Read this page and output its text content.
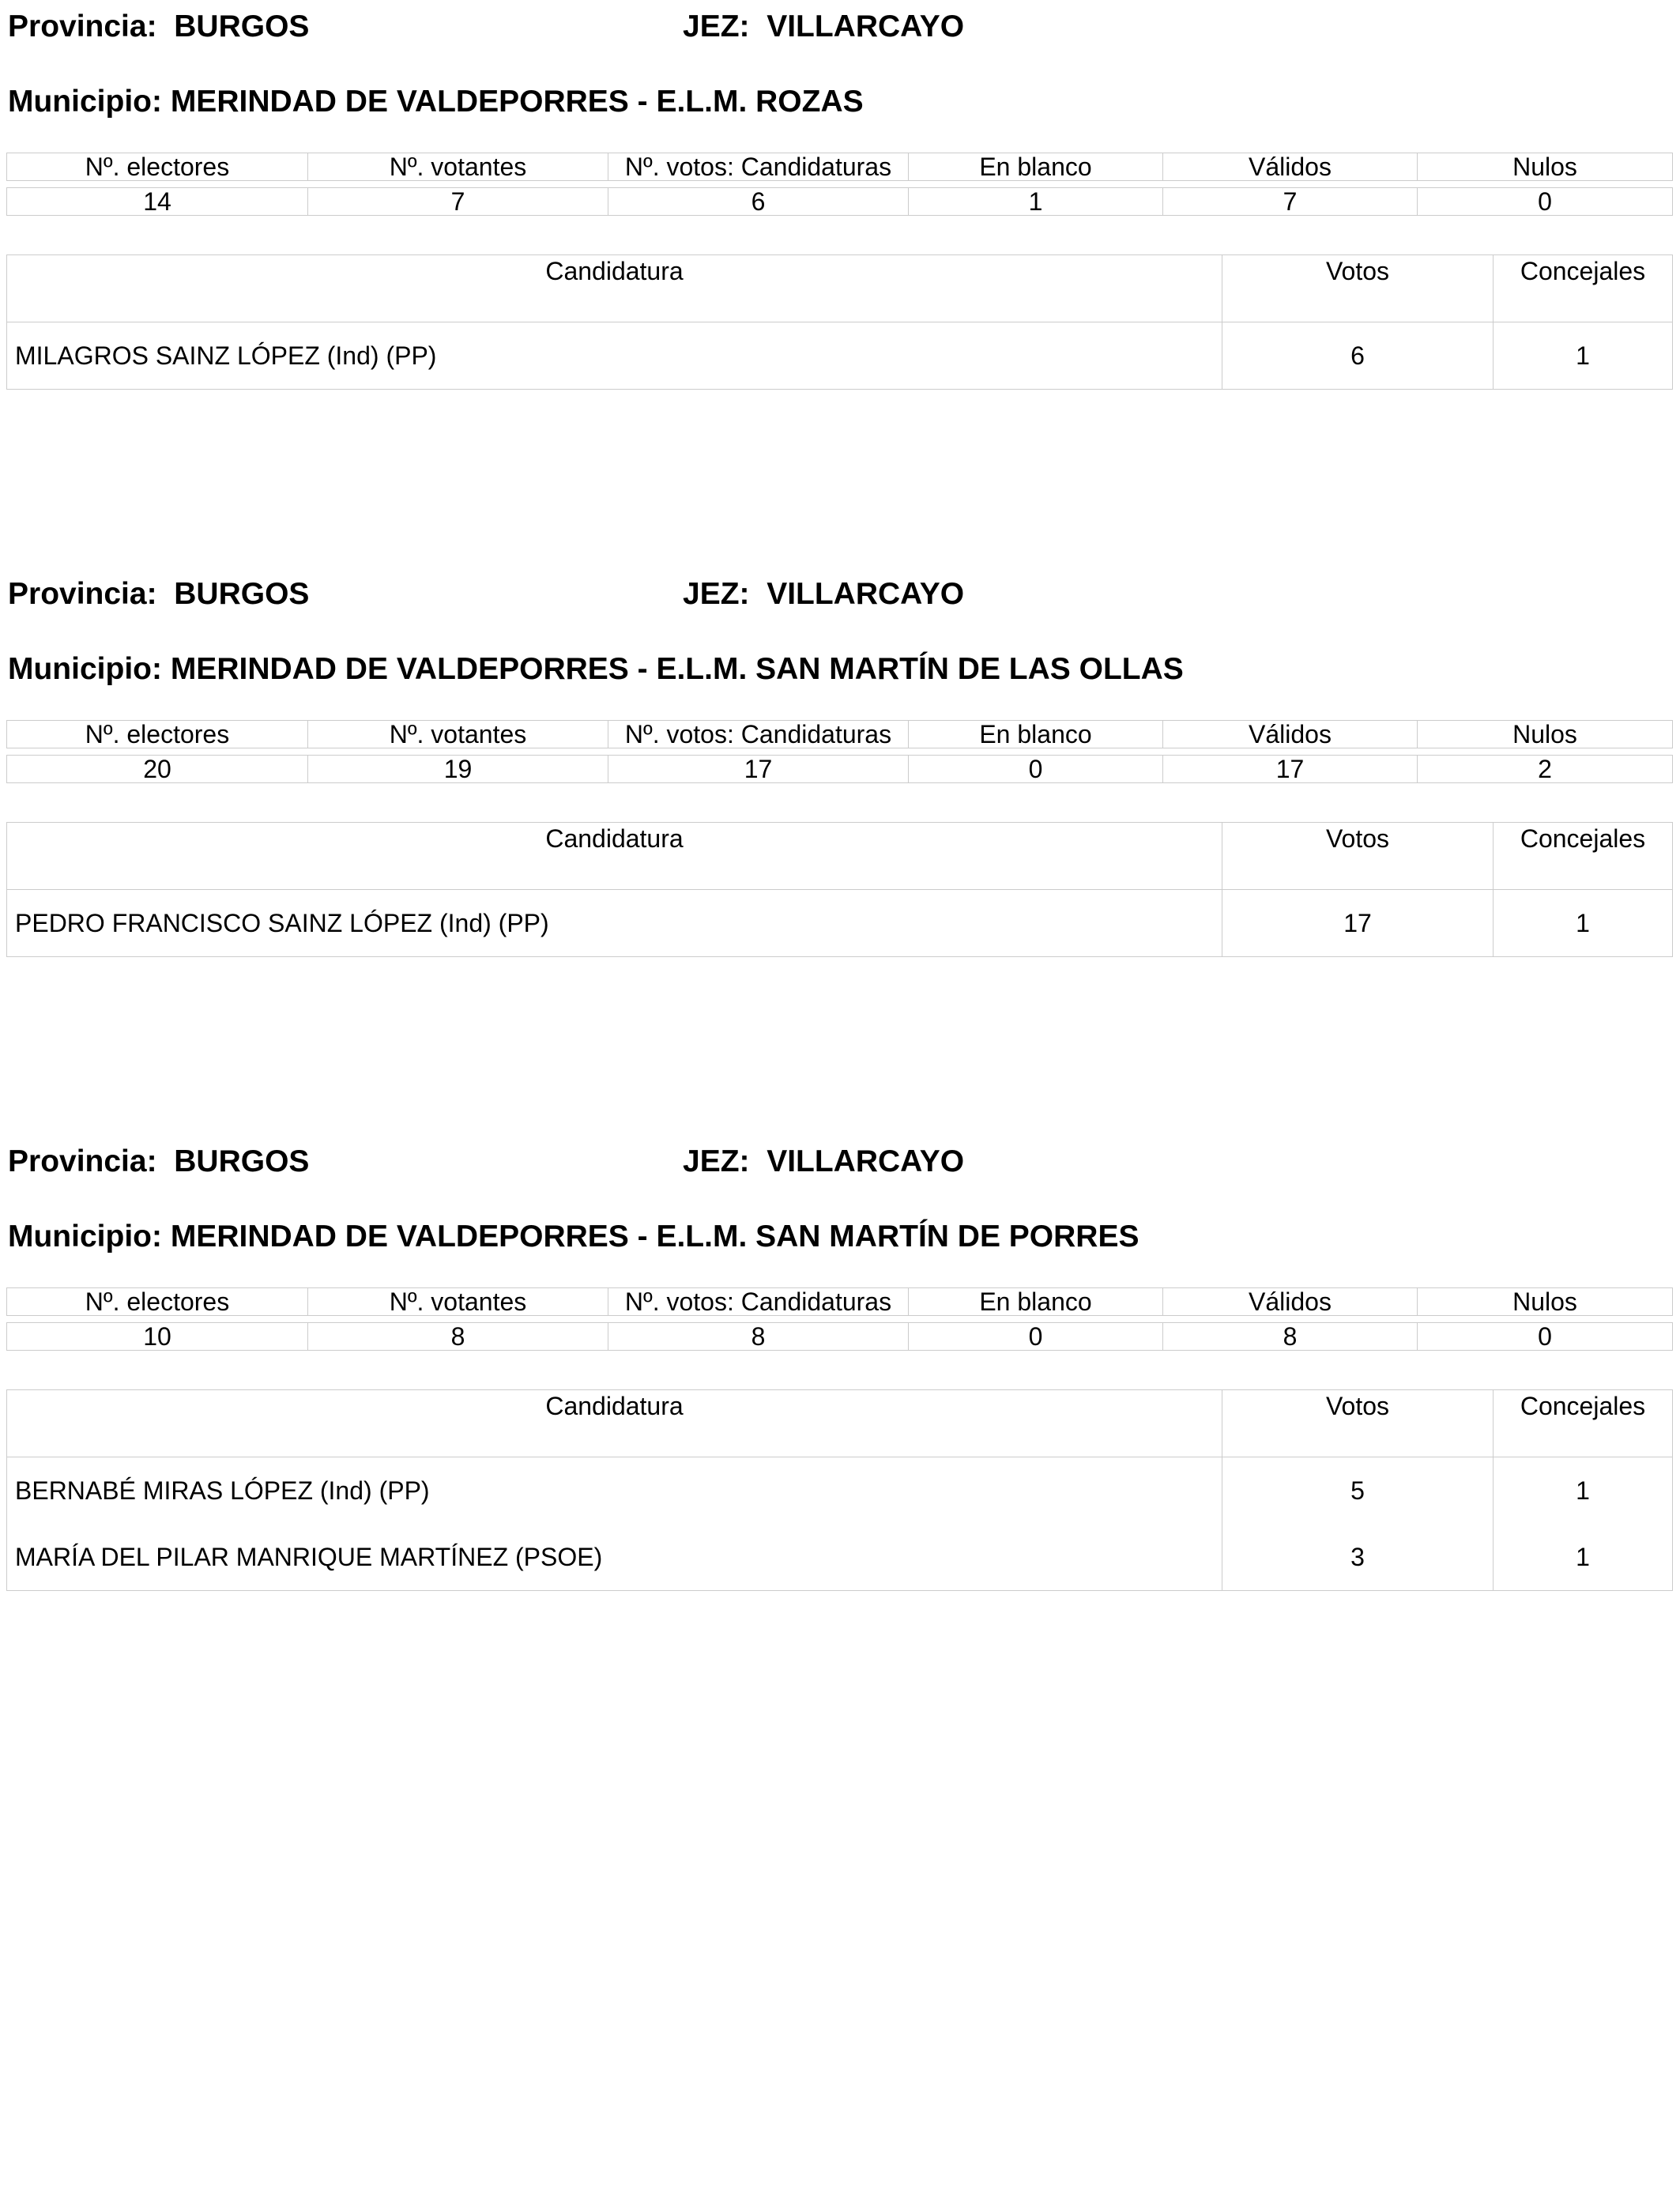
Provincia: BURGOS	JEZ: VILLARCAYO
Municipio: MERINDAD DE VALDEPORRES - E.L.M. ROZAS
Nº. electores	Nº. votantes	Nº. votos: Candidaturas	En blanco	Válidos	Nulos

14	7	6	1	7	0
Candidatura	Votos	Concejales
MILAGROS SAINZ LÓPEZ (Ind) (PP)	6	1
Provincia: BURGOS	JEZ: VILLARCAYO
Municipio: MERINDAD DE VALDEPORRES - E.L.M. SAN MARTÍN DE LAS OLLAS
Nº. electores	Nº. votantes	Nº. votos: Candidaturas	En blanco	Válidos	Nulos

20	19	17	0	17	2
Candidatura	Votos	Concejales
PEDRO FRANCISCO SAINZ LÓPEZ (Ind) (PP)	17	1
Provincia: BURGOS	JEZ: VILLARCAYO
Municipio: MERINDAD DE VALDEPORRES - E.L.M. SAN MARTÍN DE PORRES
Nº. electores	Nº. votantes	Nº. votos: Candidaturas	En blanco	Válidos	Nulos

10	8	8	0	8	0
Candidatura	Votos	Concejales
BERNABÉ MIRAS LÓPEZ (Ind) (PP)	5	1
MARÍA DEL PILAR MANRIQUE MARTÍNEZ (PSOE)	3	1
